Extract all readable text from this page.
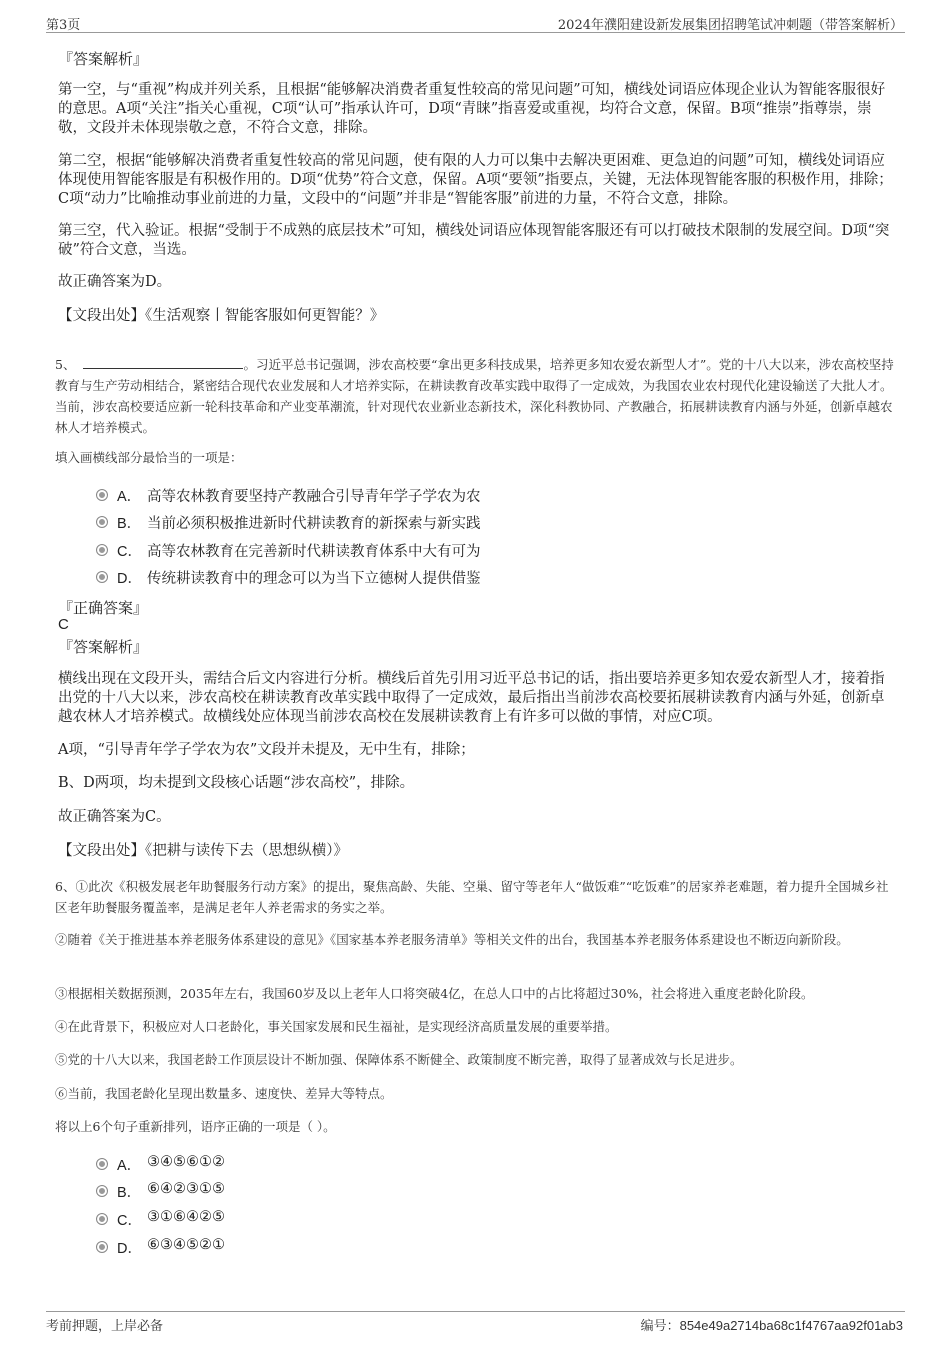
第3页	2024年濮阳建设新发展集团招聘笔试冲刺题（带答案解析）
『答案解析』
第一空，与“重视”构成并列关系，且根据“能够解决消费者重复性较高的常见问题”可知，横线处词语应体现企业认为智能客服很好的意思。A项“关注”指关心重视，C项“认可”指承认许可，D项“青睐”指喜爱或重视，均符合文意，保留。B项“推崇”指尊崇，崇敬，文段并未体现崇敬之意，不符合文意，排除。
第二空，根据“能够解决消费者重复性较高的常见问题，使有限的人力可以集中去解决更困难、更急迫的问题”可知，横线处词语应体现使用智能客服是有积极作用的。D项“优势”符合文意，保留。A项“要领”指要点，关键，无法体现智能客服的积极作用，排除；C项“动力”比喻推动事业前进的力量，文段中的“问题”并非是“智能客服”前进的力量，不符合文意，排除。
第三空，代入验证。根据“受制于不成熟的底层技术”可知，横线处词语应体现智能客服还有可以打破技术限制的发展空间。D项“突破”符合文意，当选。
故正确答案为D。
【文段出处】《生活观察丨智能客服如何更智能？》
5、	。习近平总书记强调，涉农高校要“拿出更多科技成果，培养更多知农爱农新型人才”。党的十八大以来，涉农高校坚持教育与生产劳动相结合，紧密结合现代农业发展和人才培养实际，在耕读教育改革实践中取得了一定成效，为我国农业农村现代化建设输送了大批人才。当前，涉农高校要适应新一轮科技革命和产业变革潮流，针对现代农业新业态新技术，深化科教协同、产教融合，拓展耕读教育内涵与外延，创新卓越农林人才培养模式。
填入画横线部分最恰当的一项是：
A． 高等农林教育要坚持产教融合引导青年学子学农为农
B． 当前必须积极推进新时代耕读教育的新探索与新实践
C． 高等农林教育在完善新时代耕读教育体系中大有可为
D． 传统耕读教育中的理念可以为当下立德树人提供借鉴
『正确答案』
C
『答案解析』
横线出现在文段开头，需结合后文内容进行分析。横线后首先引用习近平总书记的话，指出要培养更多知农爱农新型人才，接着指出党的十八大以来，涉农高校在耕读教育改革实践中取得了一定成效，最后指出当前涉农高校要拓展耕读教育内涵与外延，创新卓越农林人才培养模式。故横线处应体现当前涉农高校在发展耕读教育上有许多可以做的事情，对应C项。
A项，“引导青年学子学农为农”文段并未提及，无中生有，排除；
B、D两项，均未提到文段核心话题“涉农高校”，排除。
故正确答案为C。
【文段出处】《把耕与读传下去（思想纵横）》
6、①此次《积极发展老年助餐服务行动方案》的提出，聚焦高龄、失能、空巢、留守等老年人“做饭难”“吃饭难”的居家养老难题，着力提升全国城乡社区老年助餐服务覆盖率，是满足老年人养老需求的务实之举。
②随着《关于推进基本养老服务体系建设的意见》《国家基本养老服务清单》等相关文件的出台，我国基本养老服务体系建设也不断迈向新阶段。
③根据相关数据预测，2035年左右，我国60岁及以上老年人口将突破4亿，在总人口中的占比将超过30%，社会将进入重度老龄化阶段。
④在此背景下，积极应对人口老龄化，事关国家发展和民生福祉，是实现经济高质量发展的重要举措。
⑤党的十八大以来，我国老龄工作顶层设计不断加强、保障体系不断健全、政策制度不断完善，取得了显著成效与长足进步。
⑥当前，我国老龄化呈现出数量多、速度快、差异大等特点。
将以上6个句子重新排列，语序正确的一项是（ ）。
A． ③④⑤⑥①②
B． ⑥④②③①⑤
C． ③①⑥④②⑤
D． ⑥③④⑤②①
考前押题，上岸必备	编号：854e49a2714ba68c1f4767aa92f01ab3
